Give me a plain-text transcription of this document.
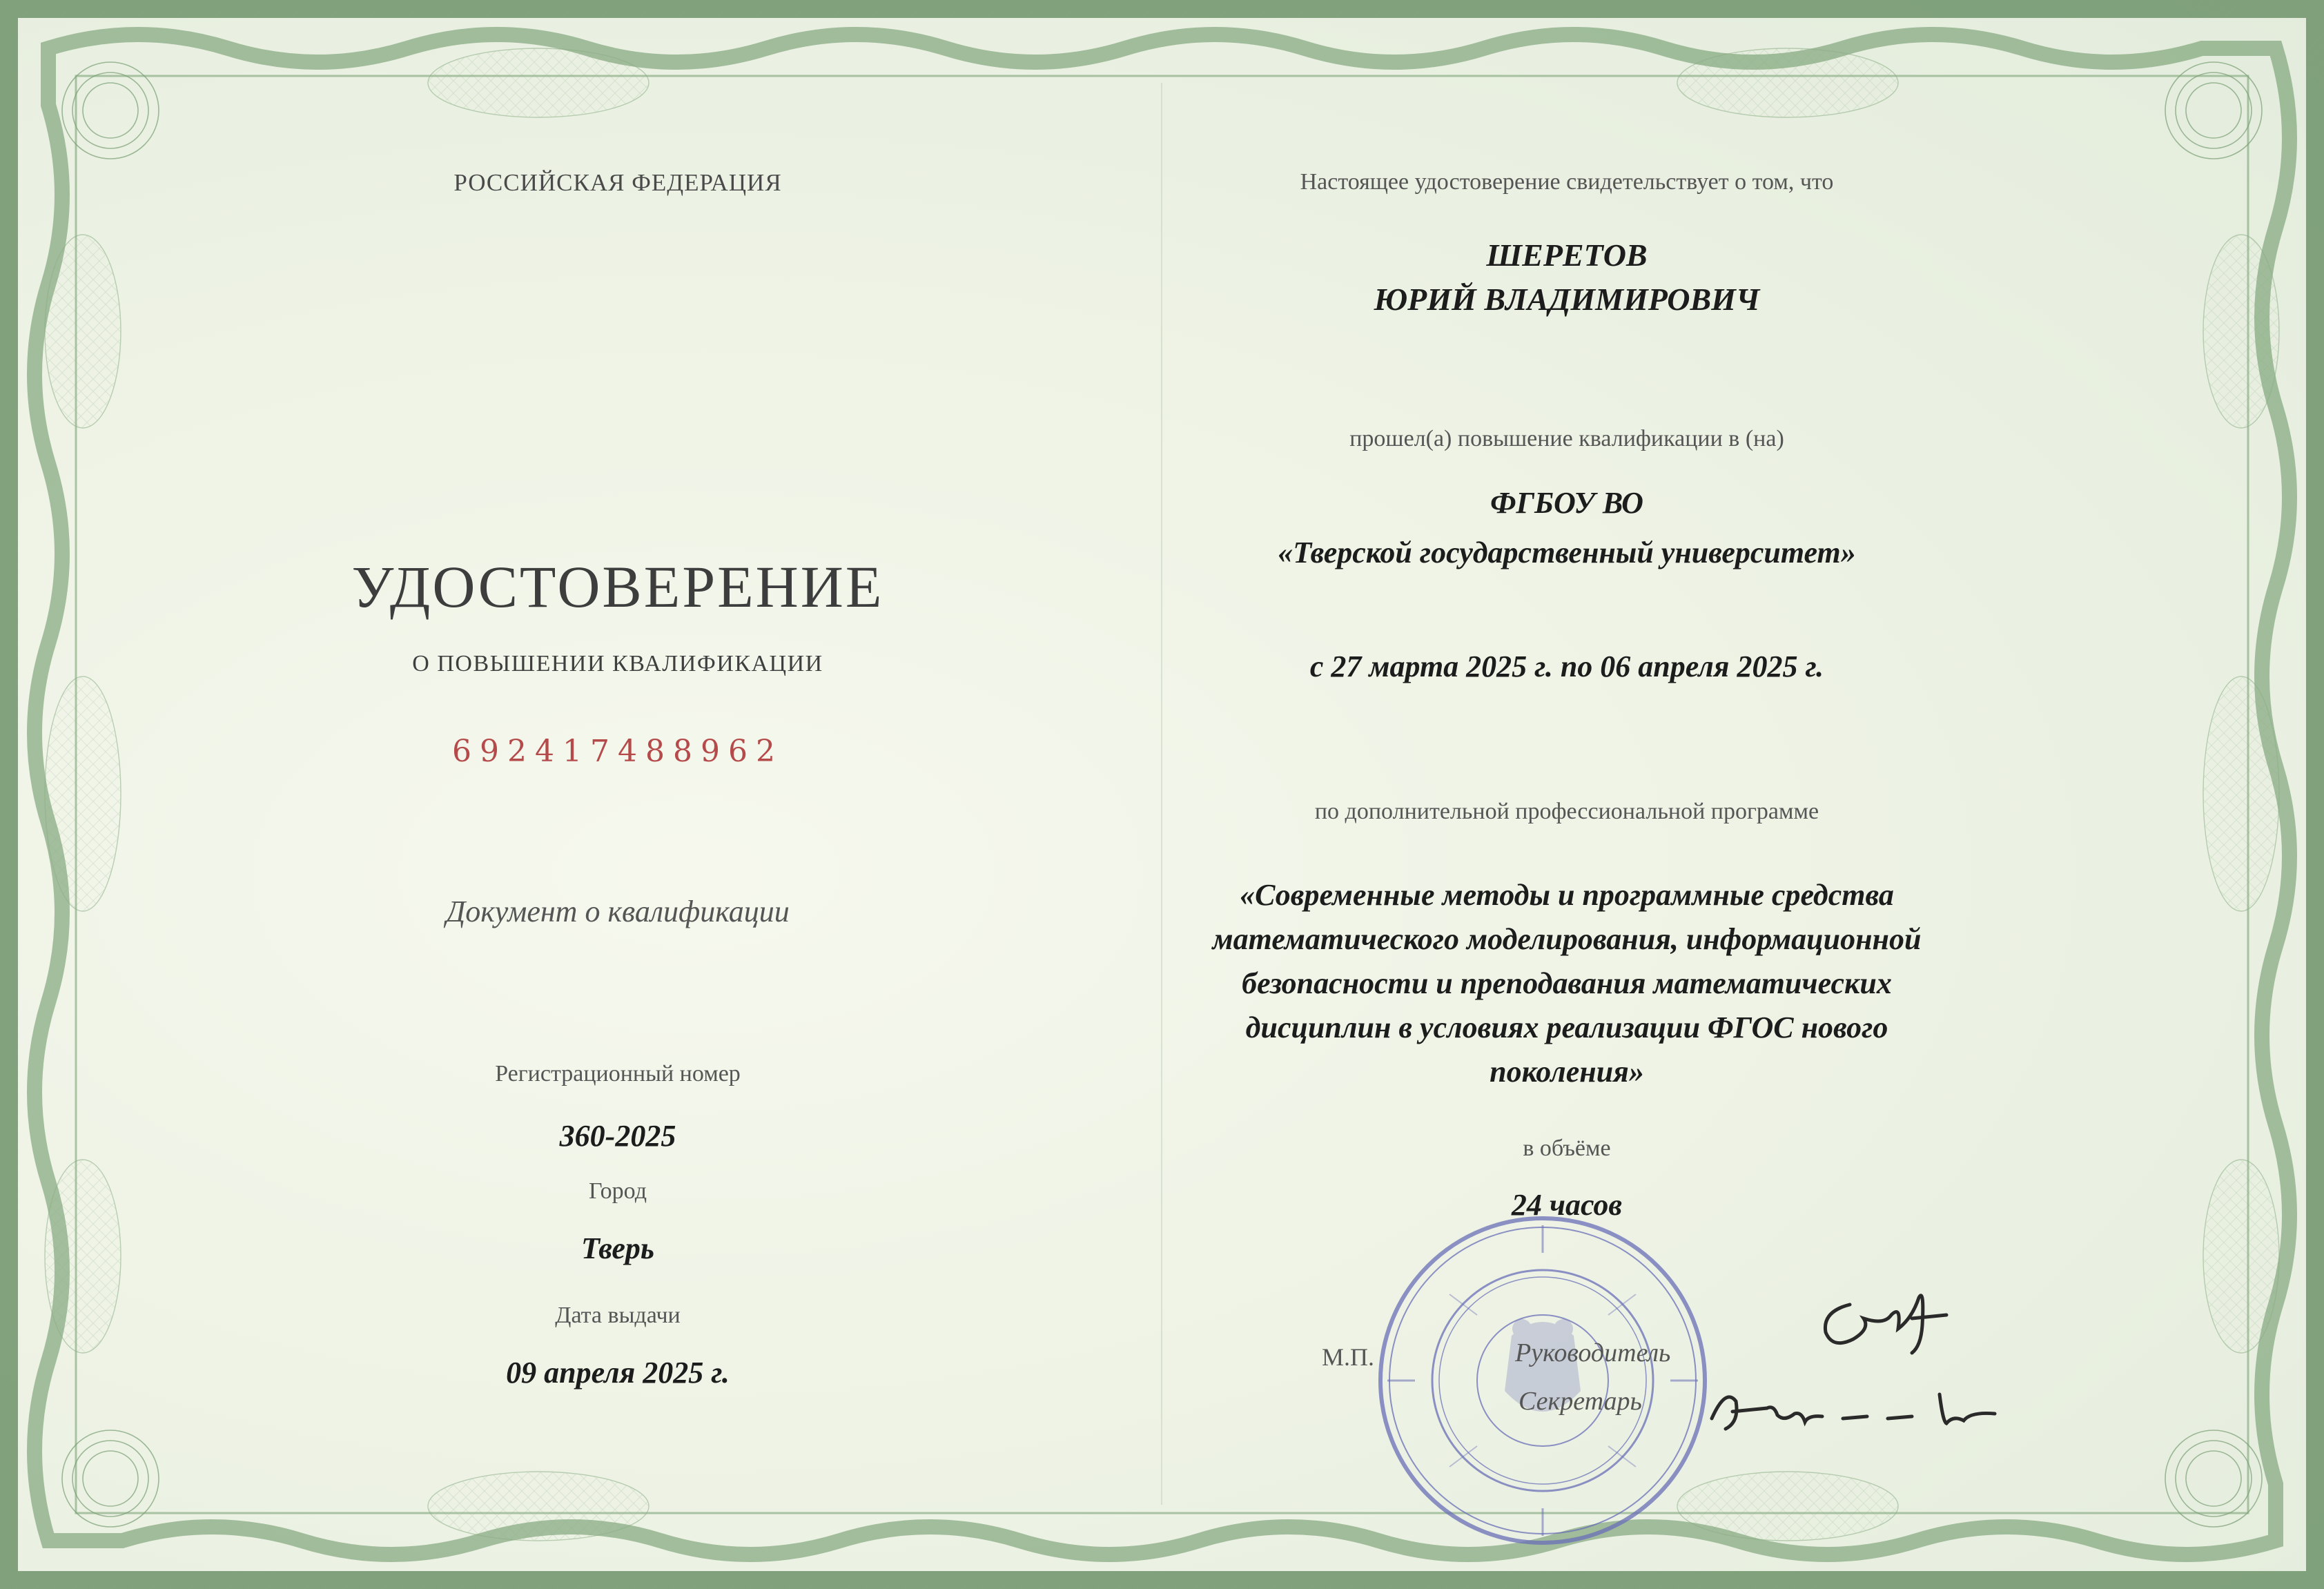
РОССИЙСКАЯ ФЕДЕРАЦИЯ
УДОСТОВЕРЕНИЕ
О ПОВЫШЕНИИ КВАЛИФИКАЦИИ
692417488962
Документ о квалификации
Регистрационный номер
360-2025
Город
Тверь
Дата выдачи
09 апреля 2025 г.
Настоящее удостоверение свидетельствует о том, что
ШЕРЕТОВ
ЮРИЙ ВЛАДИМИРОВИЧ
прошел(а) повышение квалификации в (на)
ФГБОУ ВО
«Тверской государственный университет»
с 27 марта 2025 г. по 06 апреля 2025 г.
по дополнительной профессиональной программе
«Современные методы и программные средства математического моделирования, информационной безопасности и преподавания математических дисциплин в условиях реализации ФГОС нового поколения»
в объёме
24 часов
М.П.	Руководитель
Секретарь
